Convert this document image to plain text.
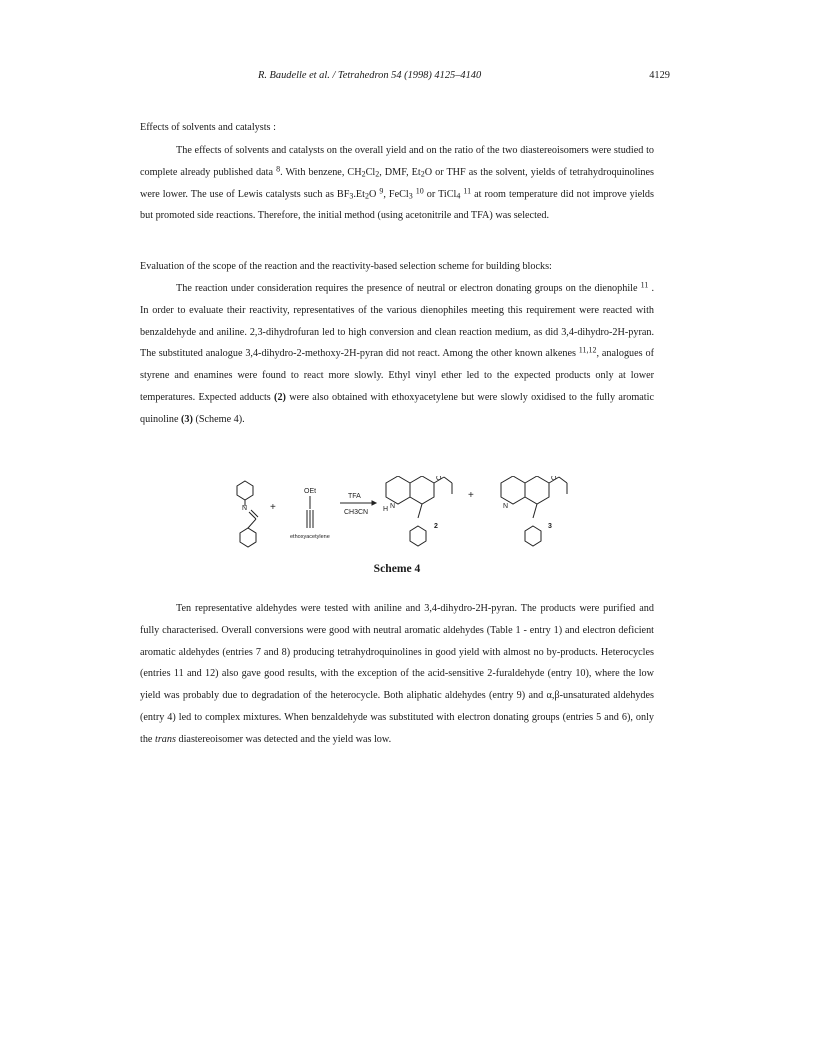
R. Baudelle et al. / Tetrahedron 54 (1998) 4125–4140	4129
Effects of solvents and catalysts :

The effects of solvents and catalysts on the overall yield and on the ratio of the two diastereoisomers were studied to complete already published data $^8$. With benzene, $CH_2Cl_2$, DMF, $Et_2O$ or THF as the solvent, yields of tetrahydroquinolines were lower. The use of Lewis catalysts such as $BF_3.Et_2O$ $^9$, FeCl$_3$ $^{10}$ or TiCl$_4$ $^{11}$ at room temperature did not improve yields but promoted side reactions. Therefore, the initial method (using acetonitrile and TFA) was selected.

Evaluation of the scope of the reaction and the reactivity-based selection scheme for building blocks:

The reaction under consideration requires the presence of neutral or electron donating groups on the dienophile $^{11}$ . In order to evaluate their reactivity, representatives of the various dienophiles meeting this requirement were reacted with benzaldehyde and aniline. 2,3-dihydrofuran led to high conversion and clean reaction medium, as did 3,4-dihydro-2H-pyran. The substituted analogue 3,4-dihydro-2-methoxy-2H-pyran did not react. Among the other known alkenes $^{11,12}$, analogues of styrene and enamines were found to react more slowly. Ethyl vinyl ether led to the expected products only at lower temperatures. Expected adducts (2) were also obtained with ethoxyacetylene but were slowly oxidised to the fully aromatic quinoline (3) (Scheme 4).

N +
OEt
ethoxyacetylene
TFA
CH3CN H N
O
2
+
N
O
3
Scheme 4

Ten representative aldehydes were tested with aniline and 3,4-dihydro-2H-pyran. The products were purified and fully characterised. Overall conversions were good with neutral aromatic aldehydes (Table 1 - entry 1) and electron deficient aromatic aldehydes (entries 7 and 8) producing tetrahydroquinolines in good yield with almost no by-products. Heterocycles (entries 11 and 12) also gave good results, with the exception of the acid-sensitive 2-furaldehyde (entry 10), where the low yield was probably due to degradation of the heterocycle. Both aliphatic aldehydes (entry 9) and α,β-unsaturated aldehydes (entry 4) led to complex mixtures. When benzaldehyde was substituted with electron donating groups (entries 5 and 6), only the trans diastereoisomer was detected and the yield was low.
